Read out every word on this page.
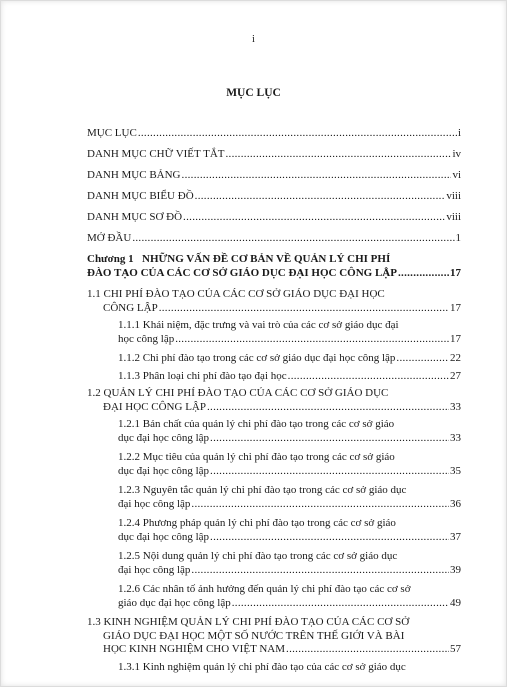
i
MỤC LỤC
MỤC LỤC .....	i
DANH MỤC CHỮ VIẾT TẮT .....	iv
DANH MỤC BẢNG .....	vi
DANH MỤC BIỂU ĐỒ .....	viii
DANH MỤC SƠ ĐỒ .....	viii
MỞ ĐẦU .....	1
Chương 1 NHỮNG VẤN ĐỀ CƠ BẢN VỀ QUẢN LÝ CHI PHÍ
ĐÀO TẠO CỦA CÁC CƠ SỞ GIÁO DỤC ĐẠI HỌC CÔNG LẬP .....	17
1.1 CHI PHÍ ĐÀO TẠO CỦA CÁC CƠ SỞ GIÁO DỤC ĐẠI HỌC
CÔNG LẬP .....	17
1.1.1 Khái niệm, đặc trưng và vai trò của các cơ sở giáo dục đại
học công lập .....	17
1.1.2 Chi phí đào tạo trong các cơ sở giáo dục đại học công lập .....	22
1.1.3 Phân loại chi phí đào tạo đại học .....	27
1.2 QUẢN LÝ CHI PHÍ ĐÀO TẠO CỦA CÁC CƠ SỞ GIÁO DỤC
ĐẠI HỌC CÔNG LẬP .....	33
1.2.1 Bản chất của quản lý chi phí đào tạo trong các cơ sở giáo
dục đại học công lập .....	33
1.2.2 Mục tiêu của quản lý chi phí đào tạo trong các cơ sở giáo
dục đại học công lập .....	35
1.2.3 Nguyên tắc quản lý chi phí đào tạo trong các cơ sở giáo dục
đại học công lập .....	36
1.2.4 Phương pháp quản lý chi phí đào tạo trong các cơ sở giáo
dục đại học công lập .....	37
1.2.5 Nội dung quản lý chi phí đào tạo trong các cơ sở giáo dục
đại học công lập .....	39
1.2.6 Các nhân tố ảnh hưởng đến quản lý chi phí đào tạo các cơ sở
giáo dục đại học công lập .....	49
1.3 KINH NGHIỆM QUẢN LÝ CHI PHÍ ĐÀO TẠO CỦA CÁC CƠ SỞ
GIÁO DỤC ĐẠI HỌC MỘT SỐ NƯỚC TRÊN THẾ GIỚI VÀ BÀI
HỌC KINH NGHIỆM CHO VIỆT NAM .....	57
1.3.1 Kinh nghiệm quản lý chi phí đào tạo của các cơ sở giáo dục
